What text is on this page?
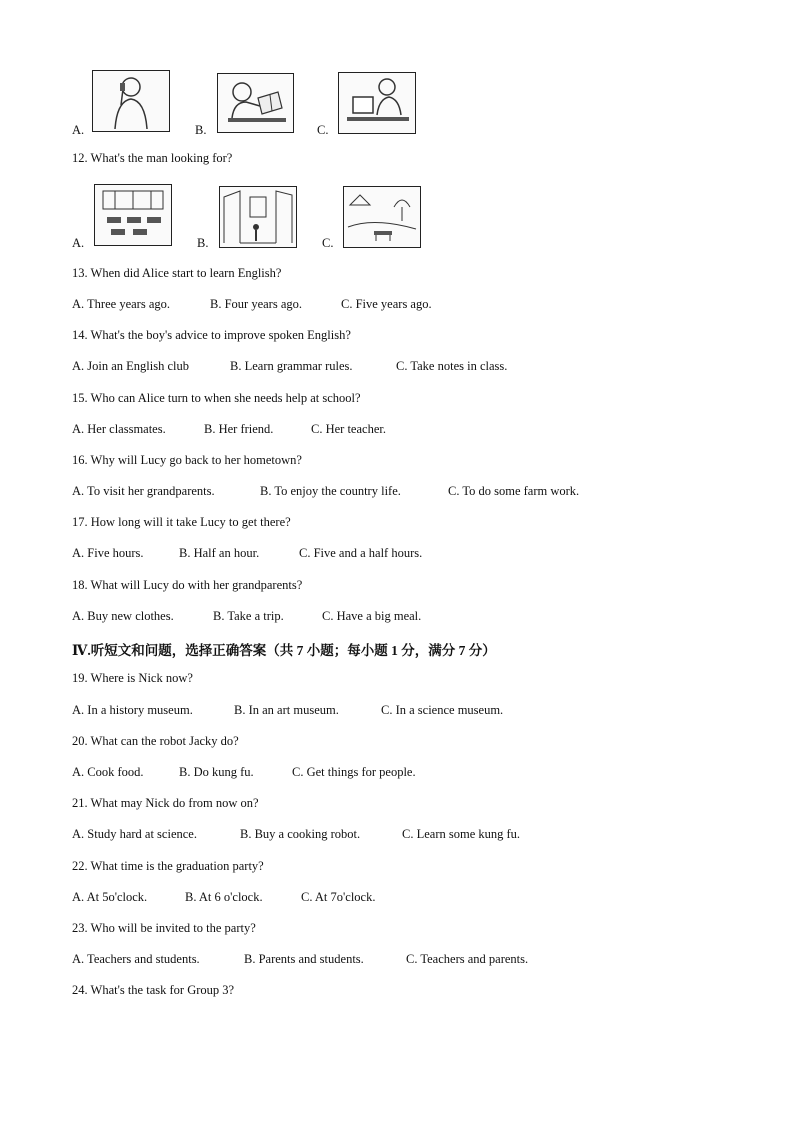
A.	B.	C.
12. What's the man looking for?
A.	B.	C.
13. When did Alice start to learn English?
A. Three years ago.	B. Four years ago.	C. Five years ago.
14. What's the boy's advice to improve spoken English?
A. Join an English club	B. Learn grammar rules.	C. Take notes in class.
15. Who can Alice turn to when she needs help at school?
A. Her classmates.	B. Her friend.	C. Her teacher.
16. Why will Lucy go back to her hometown?
A. To visit her grandparents.	B. To enjoy the country life.	C. To do some farm work.
17. How long will it take Lucy to get there?
A. Five hours.	B. Half an hour.	C. Five and a half hours.
18. What will Lucy do with her grandparents?
A. Buy new clothes.	B. Take a trip.	C. Have a big meal.
Ⅳ.听短文和问题，选择正确答案（共 7 小题；每小题 1 分，满分 7 分）
19. Where is Nick now?
A. In a history museum.	B. In an art museum.	C. In a science museum.
20. What can the robot Jacky do?
A. Cook food.	B. Do kung fu.	C. Get things for people.
21. What may Nick do from now on?
A. Study hard at science.	B. Buy a cooking robot.	C. Learn some kung fu.
22. What time is the graduation party?
A. At 5o'clock.	B. At 6 o'clock.	C. At 7o'clock.
23. Who will be invited to the party?
A. Teachers and students.	B. Parents and students.	C. Teachers and parents.
24. What's the task for Group 3?
